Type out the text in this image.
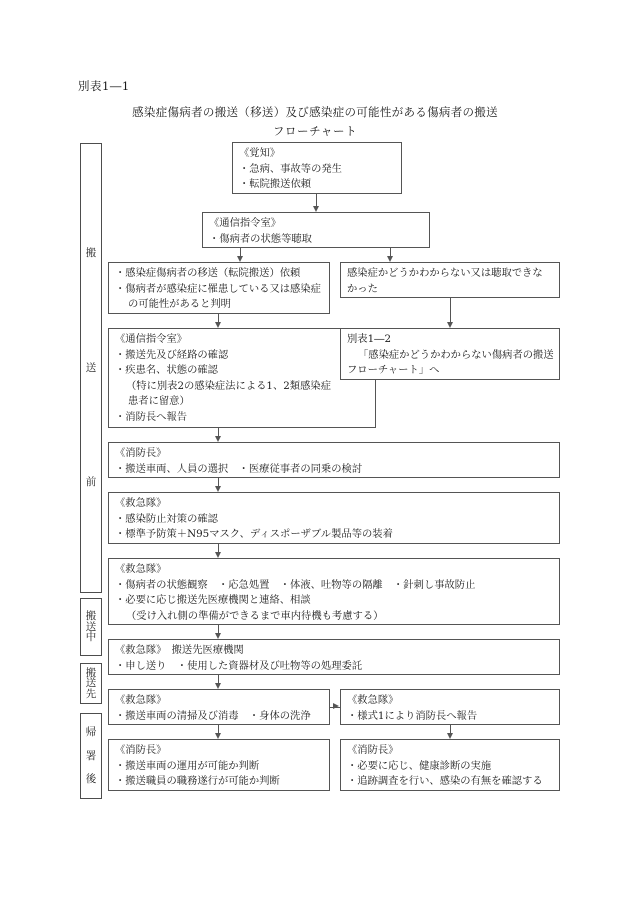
別表1―1
感染症傷病者の搬送（移送）及び感染症の可能性がある傷病者の搬送
フローチャート
搬
送
前
搬
送
中
搬
送
先
帰
署
後
《覚知》
・急病、事故等の発生
・転院搬送依頼
《通信指令室》
・傷病者の状態等聴取
・感染症傷病者の移送（転院搬送）依頼
・傷病者が感染症に罹患している又は感染症
の可能性があると判明
感染症かどうかわからない又は聴取できな
かった
《通信指令室》
・搬送先及び経路の確認
・疾患名、状態の確認
（特に別表2の感染症法による1、2類感染症
患者に留意）
・消防長へ報告
別表1―2
「感染症かどうかわからない傷病者の搬送
フローチャート」へ
《消防長》
・搬送車両、人員の選択　・医療従事者の同乗の検討
《救急隊》
・感染防止対策の確認
・標準予防策＋N95マスク、ディスポーザブル製品等の装着
《救急隊》
・傷病者の状態観察　・応急処置　・体液、吐物等の隔離　・針刺し事故防止
・必要に応じ搬送先医療機関と連絡、相談
（受け入れ側の準備ができるまで車内待機も考慮する）
《救急隊》　搬送先医療機関
・申し送り　・使用した資器材及び吐物等の処理委託
《救急隊》
・搬送車両の清掃及び消毒　・身体の洗浄
《救急隊》
・様式1により消防長へ報告
《消防長》
・搬送車両の運用が可能か判断
・搬送職員の職務遂行が可能か判断
《消防長》
・必要に応じ、健康診断の実施
・追跡調査を行い、感染の有無を確認する
